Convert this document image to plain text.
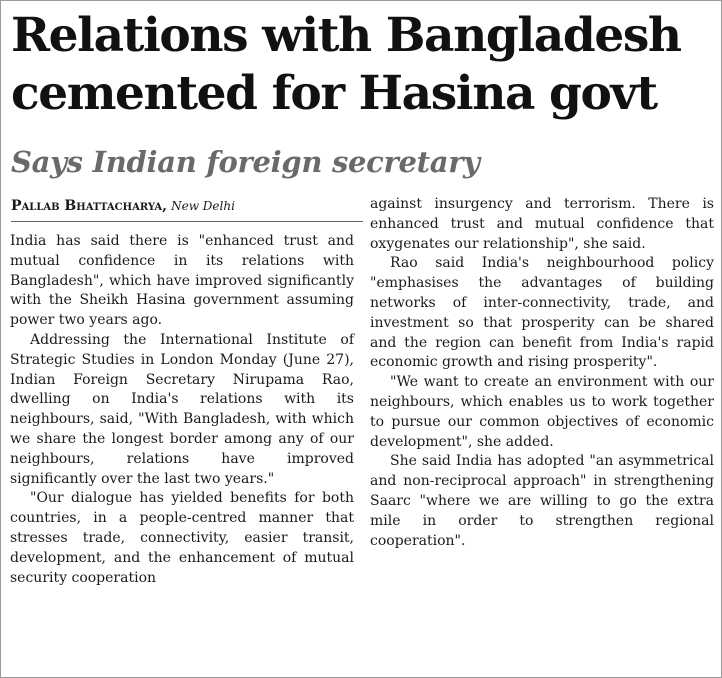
Relations with Bangladesh cemented for Hasina govt
Says Indian foreign secretary
Pallab Bhattacharya, New Delhi

India has said there is "enhanced trust and mutual confidence in its relations with Bangladesh", which have improved significantly with the Sheikh Hasina government assuming power two years ago.

Addressing the International Institute of Strategic Studies in London Monday (June 27), Indian Foreign Secretary Nirupama Rao, dwelling on India's relations with its neighbours, said, "With Bangladesh, with which we share the longest border among any of our neighbours, relations have improved significantly over the last two years."

"Our dialogue has yielded benefits for both countries, in a people-centred manner that stresses trade, connectivity, easier transit, development, and the enhancement of mutual security cooperation

against insurgency and terrorism. There is enhanced trust and mutual confidence that oxygenates our relationship", she said.

Rao said India's neighbourhood policy "emphasises the advantages of building networks of inter-connectivity, trade, and investment so that prosperity can be shared and the region can benefit from India's rapid economic growth and rising prosperity".

"We want to create an environment with our neighbours, which enables us to work together to pursue our common objectives of economic development", she added.

She said India has adopted "an asymmetrical and non-reciprocal approach" in strengthening Saarc "where we are willing to go the extra mile in order to strengthen regional cooperation".
